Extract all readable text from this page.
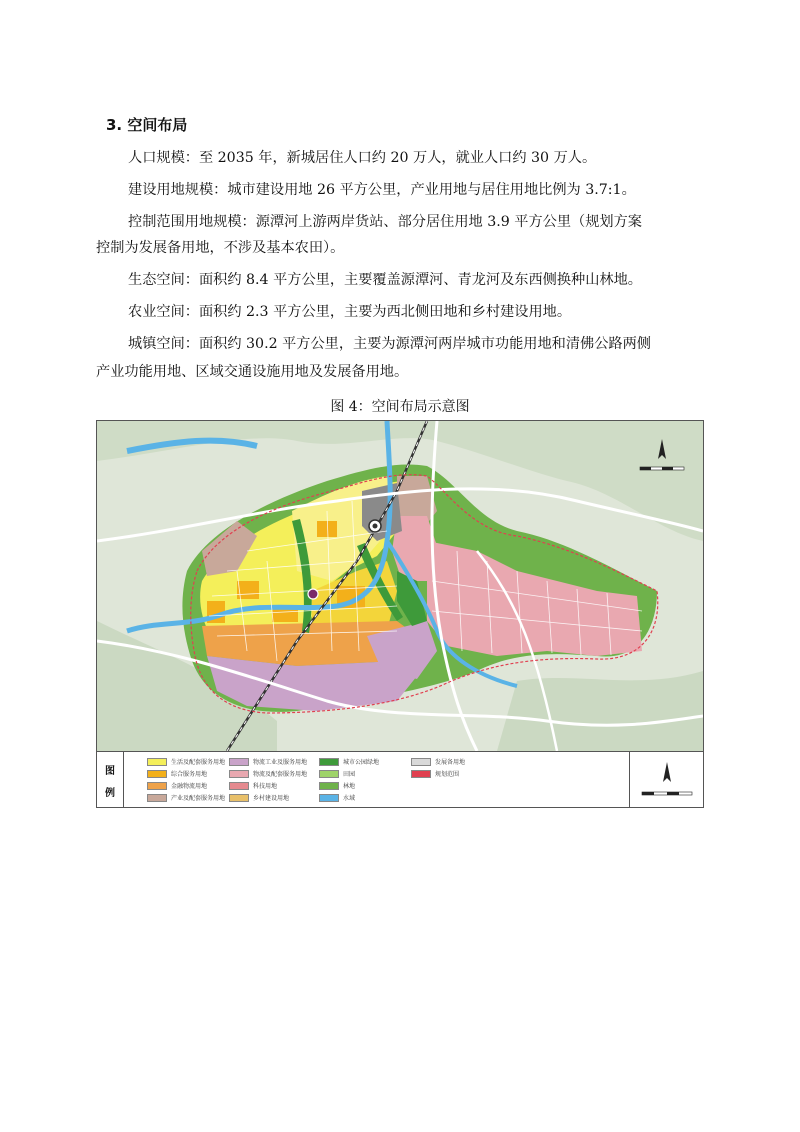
3. 空间布局
人口规模：至 2035 年，新城居住人口约 20 万人，就业人口约 30 万人。
建设用地规模：城市建设用地 26 平方公里，产业用地与居住用地比例为 3.7:1。
控制范围用地规模：源潭河上游两岸货站、部分居住用地 3.9 平方公里（规划方案
控制为发展备用地，不涉及基本农田）。
生态空间：面积约 8.4 平方公里，主要覆盖源潭河、青龙河及东西侧换种山林地。
农业空间：面积约 2.3 平方公里，主要为西北侧田地和乡村建设用地。
城镇空间：面积约 30.2 平方公里，主要为源潭河两岸城市功能用地和清佛公路两侧
产业功能用地、区域交通设施用地及发展备用地。
图 4：空间布局示意图
图
例
生活及配套服务用地
综合服务用地
金融物流用地
产业及配套服务用地
物流工业及服务用地
物流及配套服务用地
科技用地
乡村建设用地
城市公园绿地
田园
林地
水域
发展备用地
规划范围
